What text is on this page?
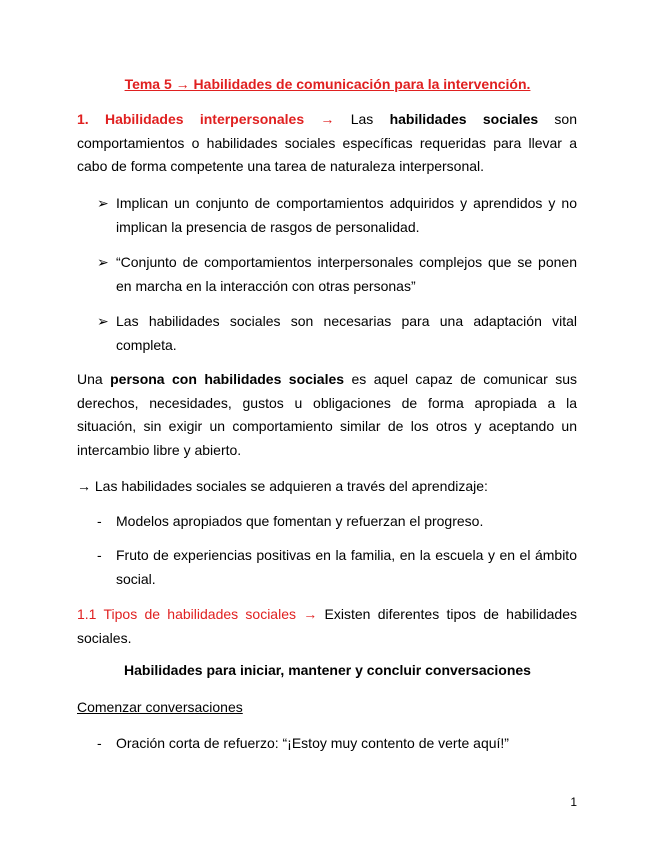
Tema 5 → Habilidades de comunicación para la intervención.
1. Habilidades interpersonales → Las habilidades sociales son comportamientos o habilidades sociales específicas requeridas para llevar a cabo de forma competente una tarea de naturaleza interpersonal.
➢ Implican un conjunto de comportamientos adquiridos y aprendidos y no implican la presencia de rasgos de personalidad.
➢ “Conjunto de comportamientos interpersonales complejos que se ponen en marcha en la interacción con otras personas”
➢ Las habilidades sociales son necesarias para una adaptación vital completa.
Una persona con habilidades sociales es aquel capaz de comunicar sus derechos, necesidades, gustos u obligaciones de forma apropiada a la situación, sin exigir un comportamiento similar de los otros y aceptando un intercambio libre y abierto.
→ Las habilidades sociales se adquieren a través del aprendizaje:
- Modelos apropiados que fomentan y refuerzan el progreso.
- Fruto de experiencias positivas en la familia, en la escuela y en el ámbito social.
1.1 Tipos de habilidades sociales → Existen diferentes tipos de habilidades sociales.
Habilidades para iniciar, mantener y concluir conversaciones
Comenzar conversaciones
- Oración corta de refuerzo: “¡Estoy muy contento de verte aquí!”
1
